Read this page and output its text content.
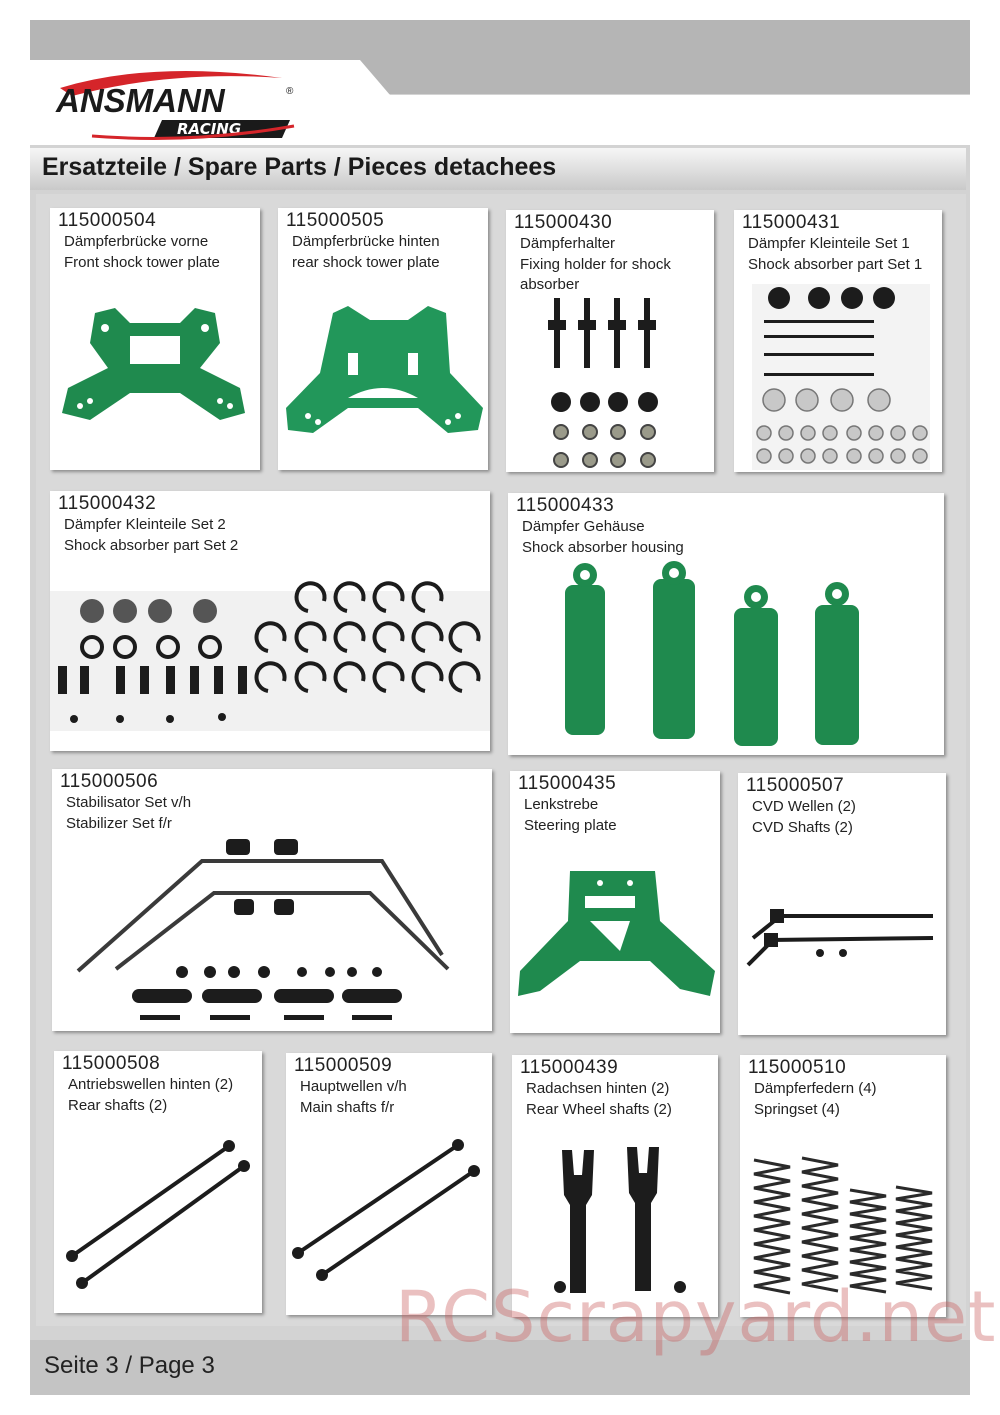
ANSMANN	®
RACING
Ersatzteile / Spare Parts / Pieces detachees
115000504
Dämpferbrücke vorne
Front shock tower plate
115000505
Dämpferbrücke hinten
rear shock tower plate
115000430
Dämpferhalter
Fixing holder for shock
absorber
115000431
Dämpfer Kleinteile Set 1
Shock absorber part Set 1
115000432
Dämpfer Kleinteile Set 2
Shock absorber part Set 2
115000433
Dämpfer Gehäuse
Shock absorber housing
115000506
Stabilisator Set v/h
Stabilizer Set f/r
115000435
Lenkstrebe
Steering plate
115000507
CVD Wellen (2)
CVD Shafts (2)
115000508
Antriebswellen hinten (2)
Rear shafts (2)
115000509
Hauptwellen v/h
Main shafts f/r
115000439
Radachsen hinten (2)
Rear Wheel shafts (2)
115000510
Dämpferfedern (4)
Springset (4)
Seite 3 / Page 3
RCScrapyard.net
